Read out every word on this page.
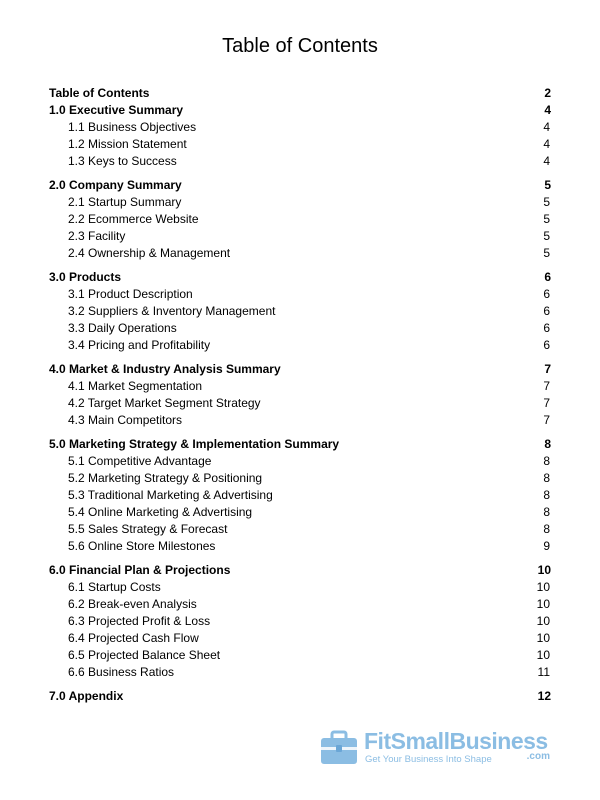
Table of Contents
Table of Contents	2
1.0 Executive Summary	4
1.1 Business Objectives	4
1.2 Mission Statement	4
1.3 Keys to Success	4
2.0 Company Summary	5
2.1 Startup Summary	5
2.2 Ecommerce Website	5
2.3 Facility	5
2.4 Ownership & Management	5
3.0 Products	6
3.1 Product Description	6
3.2 Suppliers & Inventory Management	6
3.3 Daily Operations	6
3.4 Pricing and Profitability	6
4.0 Market & Industry Analysis Summary	7
4.1 Market Segmentation	7
4.2 Target Market Segment Strategy	7
4.3 Main Competitors	7
5.0 Marketing Strategy & Implementation Summary	8
5.1 Competitive Advantage	8
5.2 Marketing Strategy & Positioning	8
5.3 Traditional Marketing & Advertising	8
5.4 Online Marketing & Advertising	8
5.5 Sales Strategy & Forecast	8
5.6 Online Store Milestones	9
6.0 Financial Plan & Projections	10
6.1 Startup Costs	10
6.2 Break-even Analysis	10
6.3 Projected Profit & Loss	10
6.4 Projected Cash Flow	10
6.5 Projected Balance Sheet	10
6.6 Business Ratios	11
7.0 Appendix	12
FitSmallBusiness
Get Your Business Into Shape	.com
